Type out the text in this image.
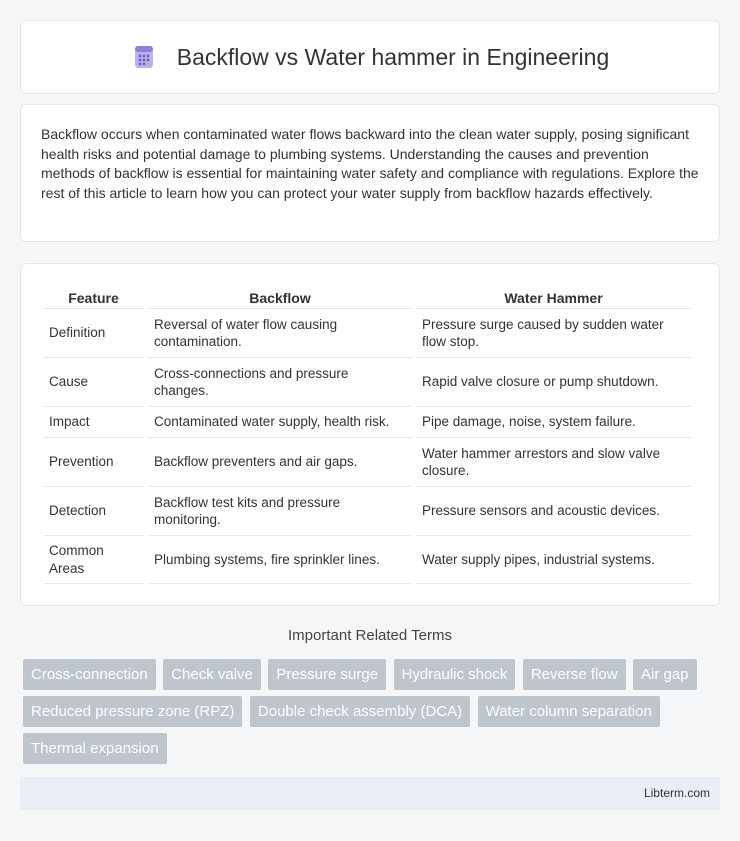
Backflow vs Water hammer in Engineering

Backflow occurs when contaminated water flows backward into the clean water supply, posing significant health risks and potential damage to plumbing systems. Understanding the causes and prevention methods of backflow is essential for maintaining water safety and compliance with regulations. Explore the rest of this article to learn how you can protect your water supply from backflow hazards effectively.

Feature	Backflow	Water Hammer
Definition	Reversal of water flow causing contamination.	Pressure surge caused by sudden water flow stop.
Cause	Cross-connections and pressure changes.	Rapid valve closure or pump shutdown.
Impact	Contaminated water supply, health risk.	Pipe damage, noise, system failure.
Prevention	Backflow preventers and air gaps.	Water hammer arrestors and slow valve closure.
Detection	Backflow test kits and pressure monitoring.	Pressure sensors and acoustic devices.
Common Areas	Plumbing systems, fire sprinkler lines.	Water supply pipes, industrial systems.
Important Related Terms
Cross-connection Check valve Pressure surge Hydraulic shock Reverse flow Air gap Reduced pressure zone (RPZ) Double check assembly (DCA) Water column separation Thermal expansion
Libterm.com
